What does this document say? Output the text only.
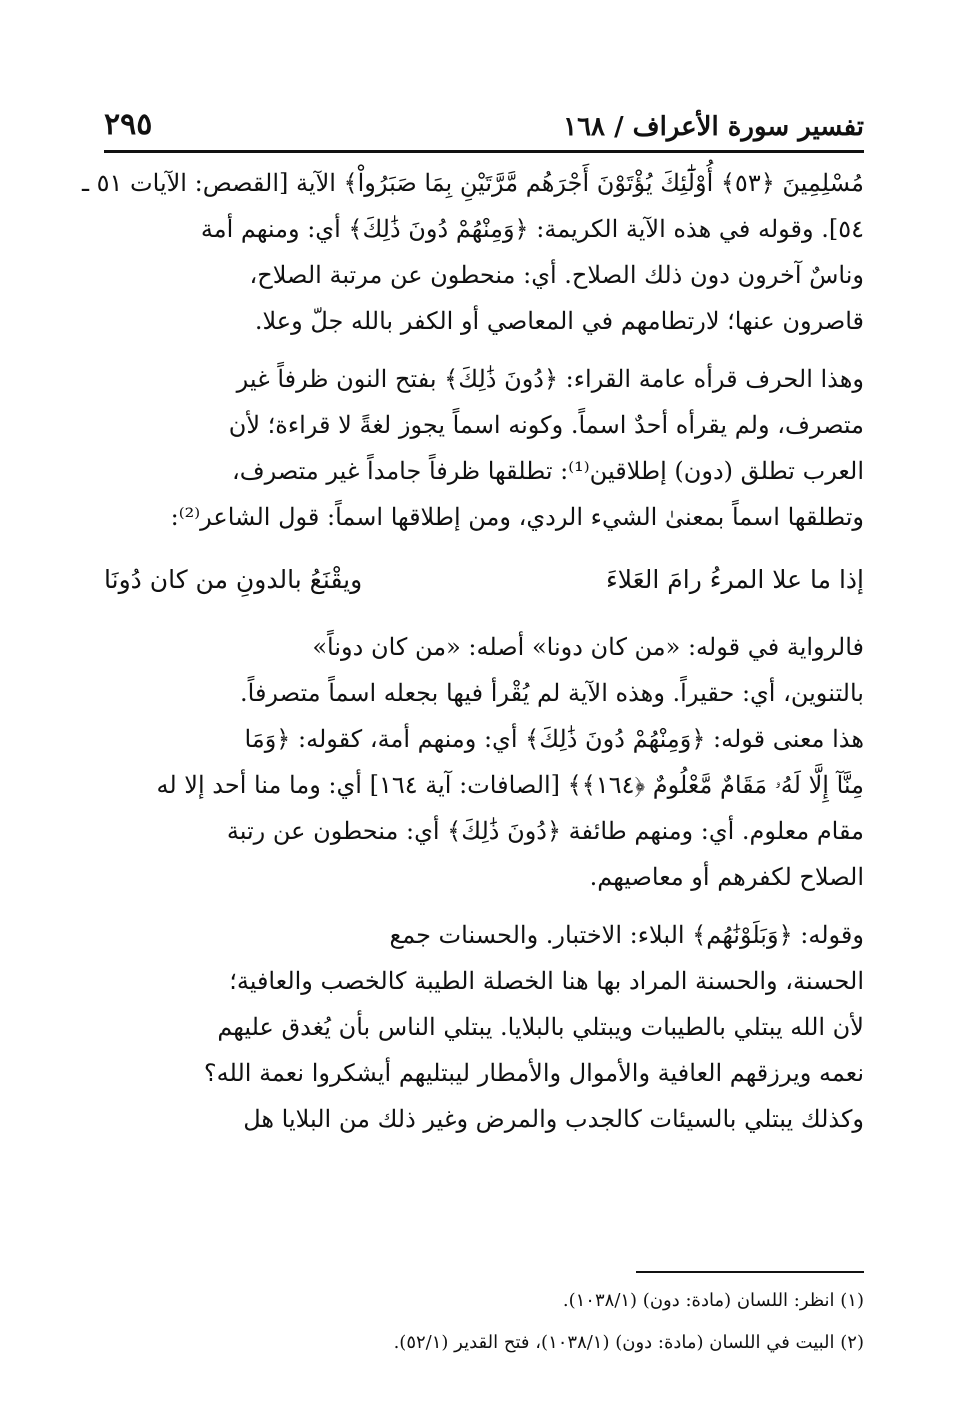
تفسير سورة الأعراف / ١٦٨
٢٩٥

مُسْلِمِينَ ﴿٥٣﴾ أُوْلَٰٓئِكَ يُؤْتَوْنَ أَجْرَهُم مَّرَّتَيْنِ بِمَا صَبَرُواْ﴾ الآية [القصص: الآيات ٥١ ـ
٥٤]. وقوله في هذه الآية الكريمة: ﴿وَمِنْهُمْ دُونَ ذَٰلِكَ﴾ أي: ومنهم أمة
وناسٌ آخرون دون ذلك الصلاح. أي: منحطون عن مرتبة الصلاح،
قاصرون عنها؛ لارتطامهم في المعاصي أو الكفر بالله جلّ وعلا.

وهذا الحرف قرأه عامة القراء: ﴿دُونَ ذَٰلِكَ﴾ بفتح النون ظرفاً غير
متصرف، ولم يقرأه أحدٌ اسماً. وكونه اسماً يجوز لغةً لا قراءة؛ لأن
العرب تطلق (دون) إطلاقين⁽¹⁾: تطلقها ظرفاً جامداً غير متصرف،
وتطلقها اسماً بمعنىٰ الشيء الردي، ومن إطلاقها اسماً: قول الشاعر⁽²⁾:

إذا ما علا المرءُ رامَ العَلاءَ
ويقْنَعُ بالدونِ من كان دُونَا

فالرواية في قوله: «من كان دونا» أصله: «من كان دوناً»
بالتنوين، أي: حقيراً. وهذه الآية لم يُقْرأ فيها بجعله اسماً متصرفاً.
هذا معنى قوله: ﴿وَمِنْهُمْ دُونَ ذَٰلِكَ﴾ أي: ومنهم أمة، كقوله: ﴿وَمَا
مِنَّآ إِلَّا لَهُۥ مَقَامٌ مَّعْلُومٌ ﴿١٦٤﴾﴾ [الصافات: آية ١٦٤] أي: وما منا أحد إلا له
مقام معلوم. أي: ومنهم طائفة ﴿دُونَ ذَٰلِكَ﴾ أي: منحطون عن رتبة
الصلاح لكفرهم أو معاصيهم.

وقوله: ﴿وَبَلَوْنَٰهُم﴾ البلاء: الاختبار. والحسنات جمع
الحسنة، والحسنة المراد بها هنا الخصلة الطيبة كالخصب والعافية؛
لأن الله يبتلي بالطيبات ويبتلي بالبلايا. يبتلي الناس بأن يُغدق عليهم
نعمه ويرزقهم العافية والأموال والأمطار ليبتليهم أيشكروا نعمة الله؟
وكذلك يبتلي بالسيئات كالجدب والمرض وغير ذلك من البلايا هل

(١) انظر: اللسان (مادة: دون) (١٠٣٨/١).
(٢) البيت في اللسان (مادة: دون) (١٠٣٨/١)، فتح القدير (٥٢/١).
